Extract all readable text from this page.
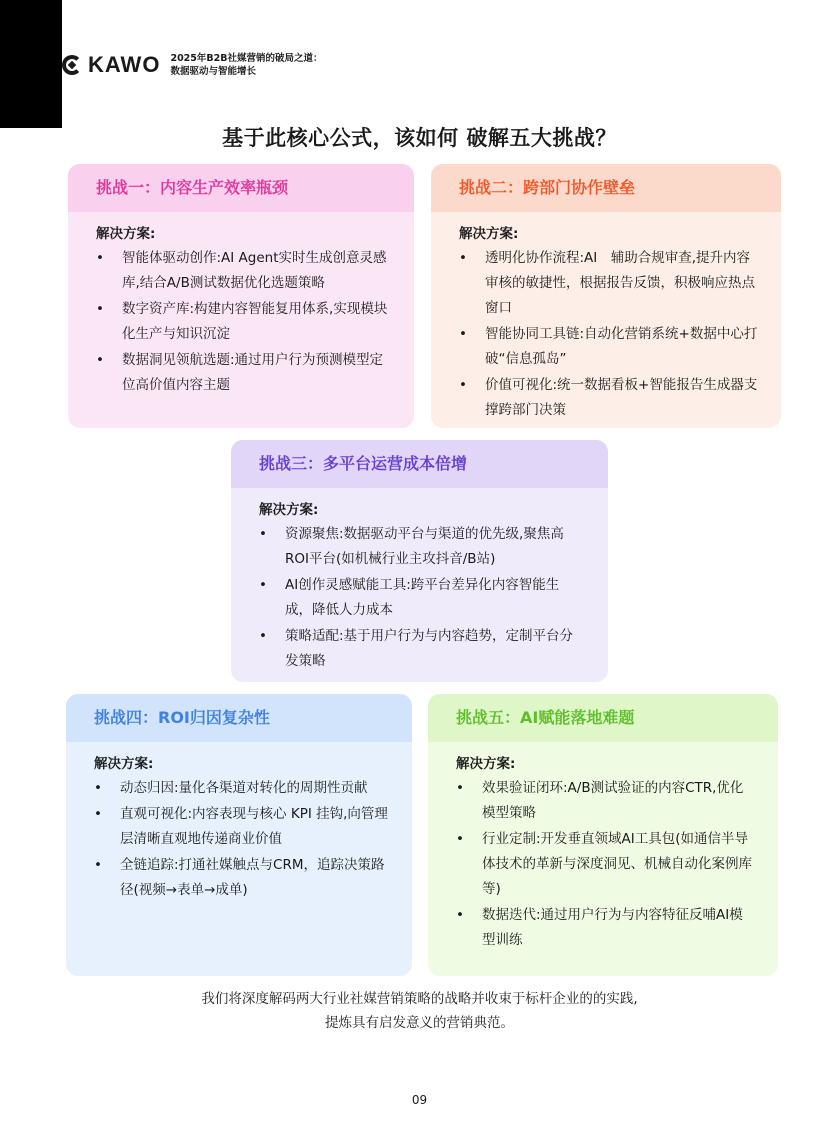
KAWO 2025年B2B社媒营销的破局之道：
数据驱动与智能增长
基于此核心公式，该如何 破解五大挑战？
挑战一：内容生产效率瓶颈
解决方案:
• 智能体驱动创作:AI Agent实时生成创意灵感库,结合A/B测试数据优化选题策略
• 数字资产库:构建内容智能复用体系,实现模块化生产与知识沉淀
• 数据洞见领航选题:通过用户行为预测模型定位高价值内容主题
挑战二：跨部门协作壁垒
解决方案:
• 透明化协作流程:AI　辅助合规审查,提升内容审核的敏捷性，根据报告反馈，积极响应热点窗口
• 智能协同工具链:自动化营销系统+数据中心打破“信息孤岛”
• 价值可视化:统一数据看板+智能报告生成器支撑跨部门决策
挑战三：多平台运营成本倍增
解决方案:
• 资源聚焦:数据驱动平台与渠道的优先级,聚焦高ROI平台(如机械行业主攻抖音/B站)
• AI创作灵感赋能工具:跨平台差异化内容智能生成，降低人力成本
• 策略适配:基于用户行为与内容趋势，定制平台分发策略
挑战四：ROI归因复杂性
解决方案:
• 动态归因:量化各渠道对转化的周期性贡献
• 直观可视化:内容表现与核心 KPI 挂钩,向管理层清晰直观地传递商业价值
• 全链追踪:打通社媒触点与CRM，追踪决策路径(视频→表单→成单)
挑战五：AI赋能落地难题
解决方案:
• 效果验证闭环:A/B测试验证的内容CTR,优化模型策略
• 行业定制:开发垂直领域AI工具包(如通信半导体技术的革新与深度洞见、机械自动化案例库等)
• 数据迭代:通过用户行为与内容特征反哺AI模型训练
我们将深度解码两大行业社媒营销策略的战略并收束于标杆企业的的实践,
提炼具有启发意义的营销典范。
09
